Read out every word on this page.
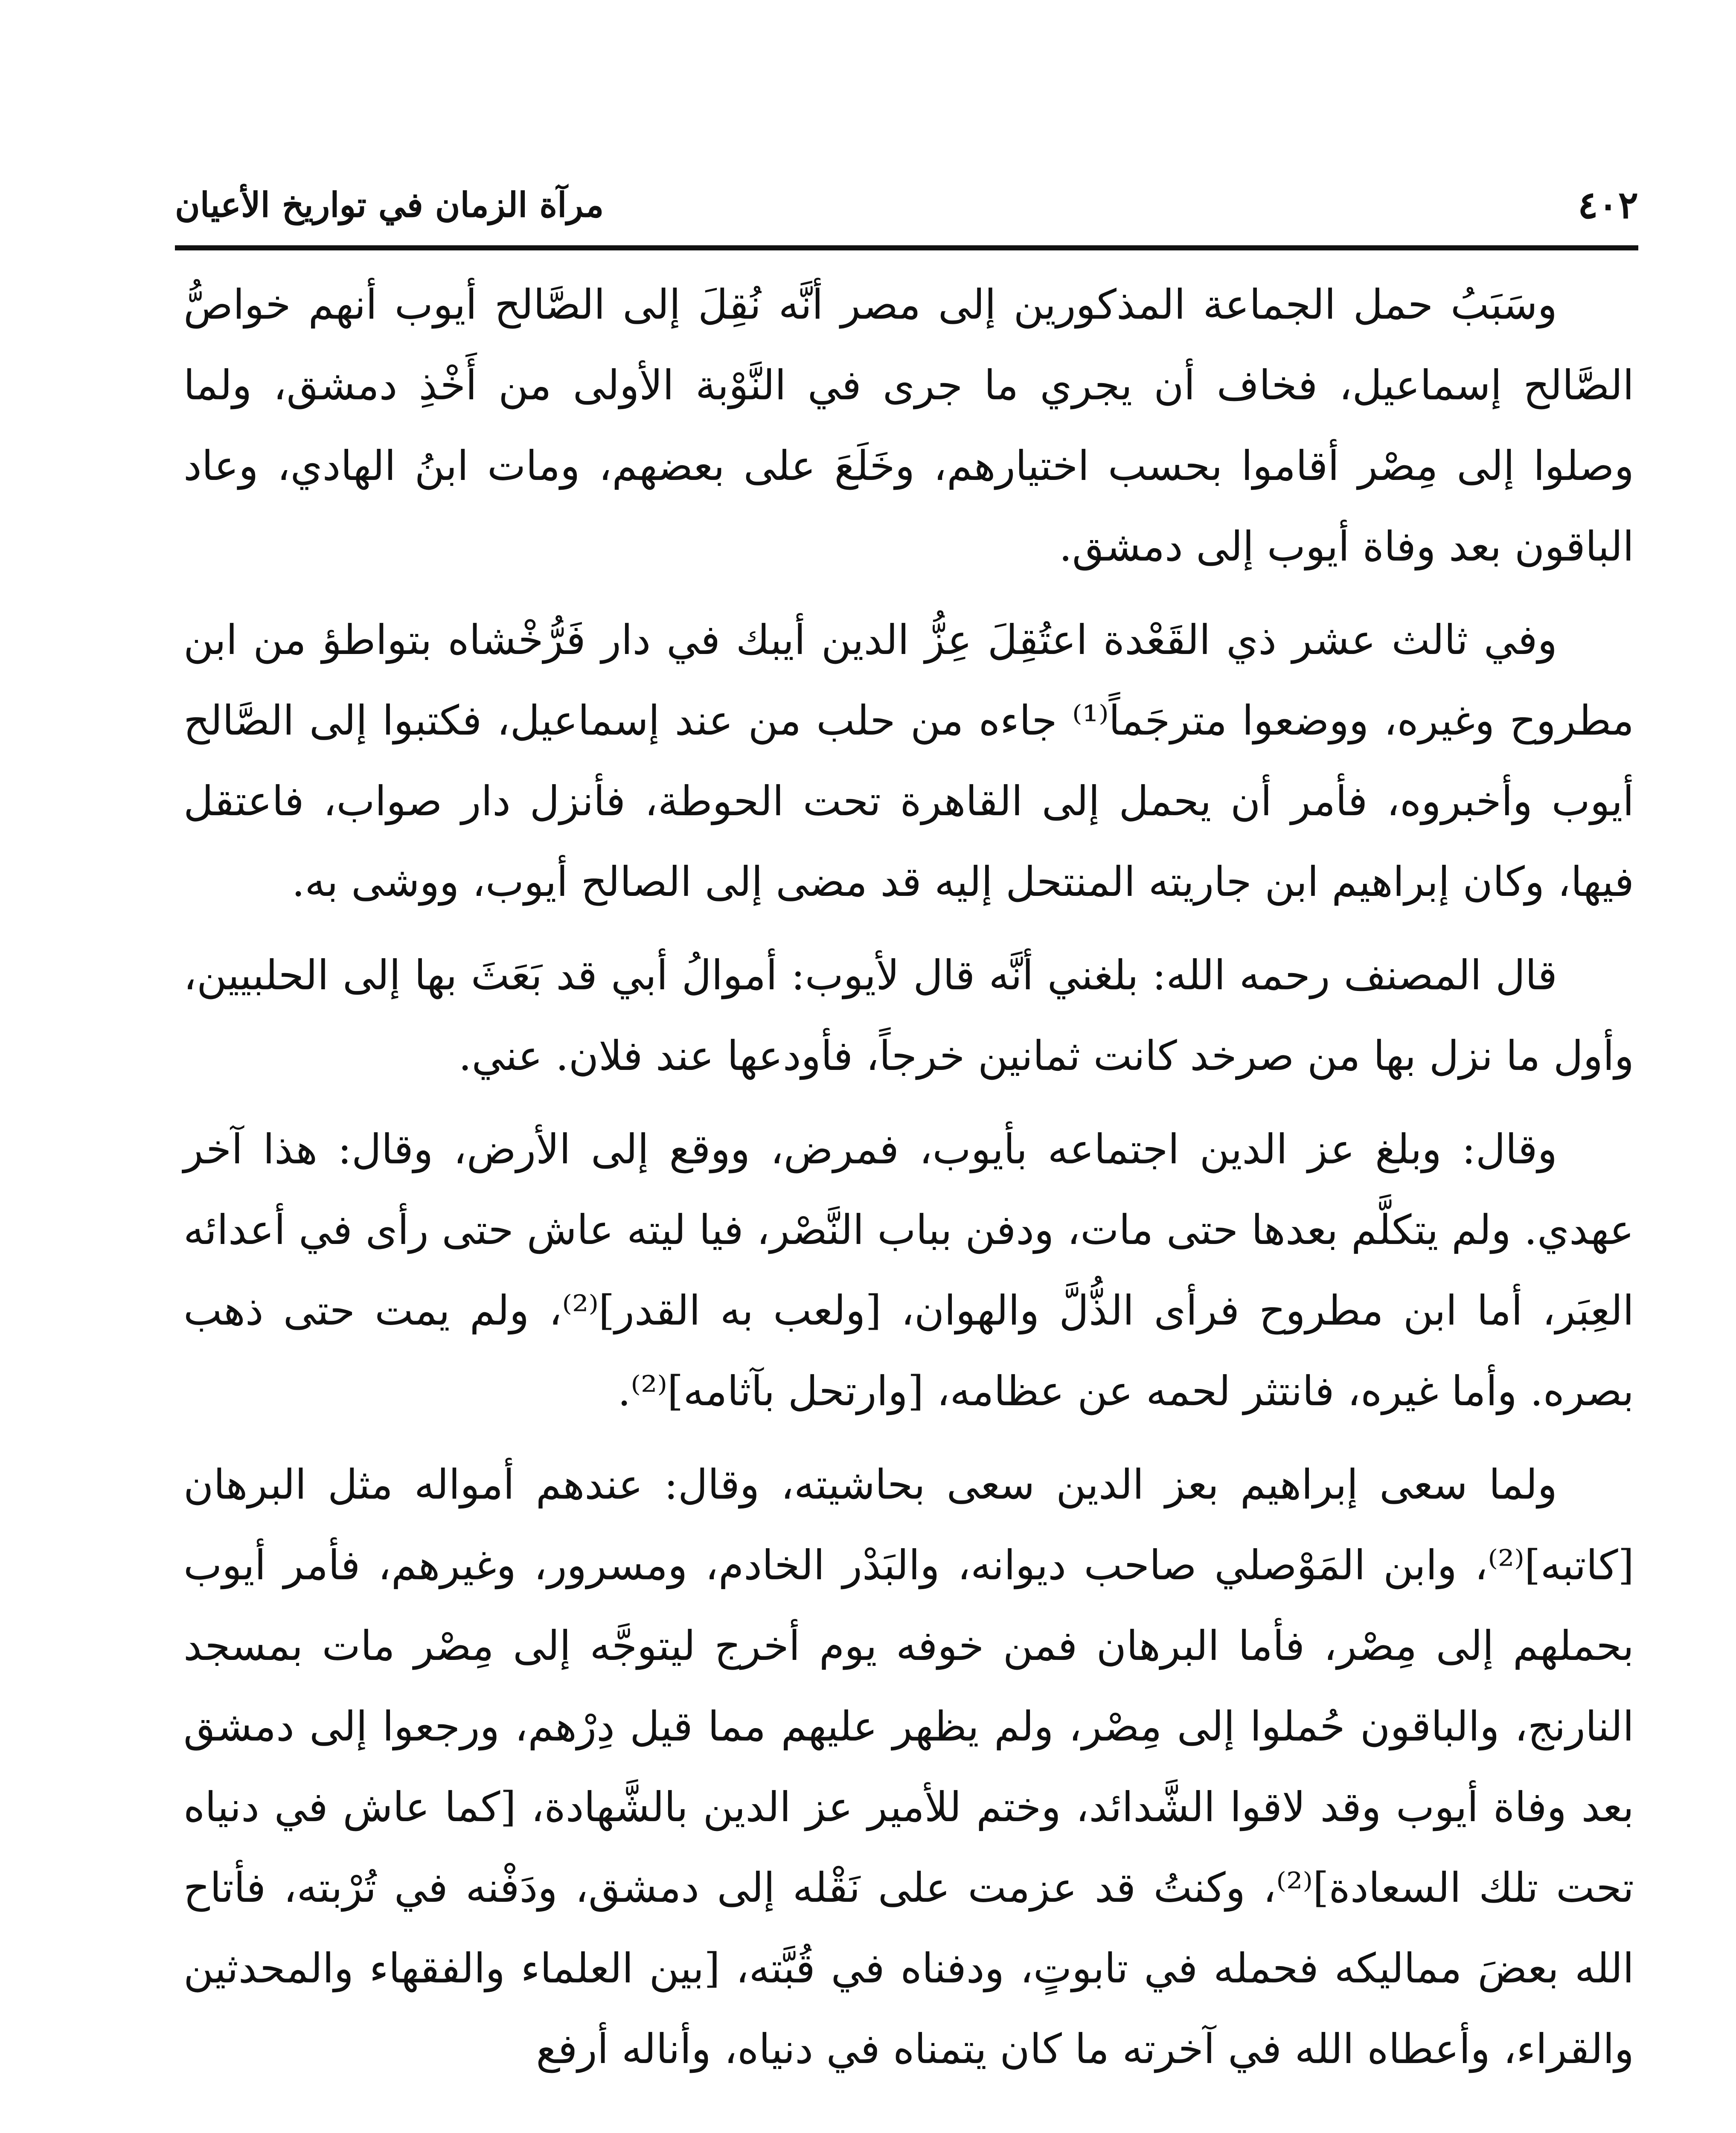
٤٠٢
مرآة الزمان في تواريخ الأعيان

وسَبَبُ حمل الجماعة المذكورين إلى مصر أنَّه نُقِلَ إلى الصَّالح أيوب أنهم خواصُّ الصَّالح إسماعيل، فخاف أن يجري ما جرى في النَّوْبة الأولى من أَخْذِ دمشق، ولما وصلوا إلى مِصْر أقاموا بحسب اختيارهم، وخَلَعَ على بعضهم، ومات ابنُ الهادي، وعاد الباقون بعد وفاة أيوب إلى دمشق.

وفي ثالث عشر ذي القَعْدة اعتُقِلَ عِزُّ الدين أيبك في دار فَرُّخْشاه بتواطؤ من ابن مطروح وغيره، ووضعوا مترجَماً⁽¹⁾ جاءه من حلب من عند إسماعيل، فكتبوا إلى الصَّالح أيوب وأخبروه، فأمر أن يحمل إلى القاهرة تحت الحوطة، فأنزل دار صواب، فاعتقل فيها، وكان إبراهيم ابن جاريته المنتحل إليه قد مضى إلى الصالح أيوب، ووشى به.

قال المصنف رحمه الله: بلغني أنَّه قال لأيوب: أموالُ أبي قد بَعَثَ بها إلى الحلبيين، وأول ما نزل بها من صرخد كانت ثمانين خرجاً، فأودعها عند فلان. عني.

وقال: وبلغ عز الدين اجتماعه بأيوب، فمرض، ووقع إلى الأرض، وقال: هذا آخر عهدي. ولم يتكلَّم بعدها حتى مات، ودفن بباب النَّصْر، فيا ليته عاش حتى رأى في أعدائه العِبَر، أما ابن مطروح فرأى الذُّلَّ والهوان، [ولعب به القدر]⁽²⁾، ولم يمت حتى ذهب بصره. وأما غيره، فانتثر لحمه عن عظامه، [وارتحل بآثامه]⁽²⁾.

ولما سعى إبراهيم بعز الدين سعى بحاشيته، وقال: عندهم أمواله مثل البرهان [كاتبه]⁽²⁾، وابن المَوْصلي صاحب ديوانه، والبَدْر الخادم، ومسرور، وغيرهم، فأمر أيوب بحملهم إلى مِصْر، فأما البرهان فمن خوفه يوم أخرج ليتوجَّه إلى مِصْر مات بمسجد النارنج، والباقون حُملوا إلى مِصْر، ولم يظهر عليهم مما قيل دِرْهم، ورجعوا إلى دمشق بعد وفاة أيوب وقد لاقوا الشَّدائد، وختم للأمير عز الدين بالشَّهادة، [كما عاش في دنياه تحت تلك السعادة]⁽²⁾، وكنتُ قد عزمت على نَقْله إلى دمشق، ودَفْنه في تُرْبته، فأتاح الله بعضَ مماليكه فحمله في تابوتٍ، ودفناه في قُبَّته، [بين العلماء والفقهاء والمحدثين والقراء، وأعطاه الله في آخرته ما كان يتمناه في دنياه، وأناله أرفع
